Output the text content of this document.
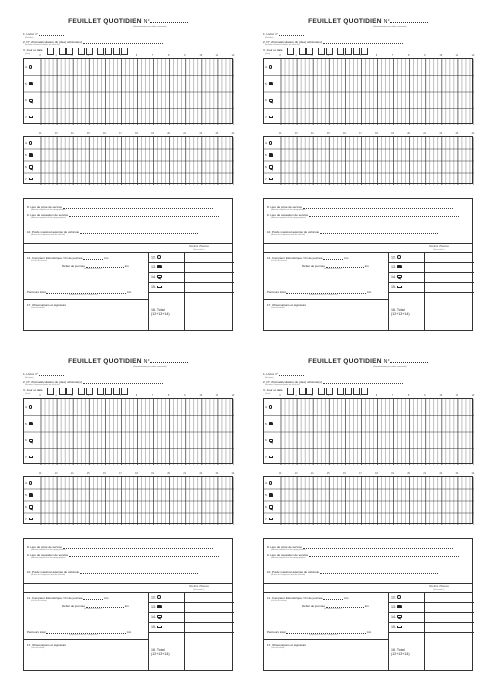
FEUILLET QUOTIDIEN N°
(Numérotation par ordre croissant)
1. Livret n°
(Numéro)
2. N° d'immatriculation du (des) véhicule(s)
(Numéro d'immatriculation du véhicule)
3. Jour et date
(Jour)	0	1	2	3	4	5	6	7	8	9	10	11	12
4.
5.
6.
7.
12	13	14	15	16	17	18	19	20	21	22	23	24
4.
5.
6.
7.
8. Lieu de prise de service
(Adresse complète du lieu géographique)
9. Lieu de cessation de service
(Adresse complète du lieu géographique)
10. Poids maximal autorisé du véhicule
(Masse de chargement total du véhicule)
Nombre d'heures
(Sous-total h)
11. Compteur kilométrique / fin de journée	km
(à la fin du service)
Début de journée	km
(au début du service)
Parcours total	km
(Différence entre les 2 compteurs)
17. Observations et signature
(Visa du salarié)
12.
13.
14.
15.
16. Total
(12+13+14)
FEUILLET QUOTIDIEN N°
(Numérotation par ordre croissant)
1. Livret n°
(Numéro)
2. N° d'immatriculation du (des) véhicule(s)
(Numéro d'immatriculation du véhicule)
3. Jour et date
(Jour)	0	1	2	3	4	5	6	7	8	9	10	11	12
4.
5.
6.
7.
12	13	14	15	16	17	18	19	20	21	22	23	24
4.
5.
6.
7.
8. Lieu de prise de service
(Adresse complète du lieu géographique)
9. Lieu de cessation de service
(Adresse complète du lieu géographique)
10. Poids maximal autorisé du véhicule
(Masse de chargement total du véhicule)
Nombre d'heures
(Sous-total h)
11. Compteur kilométrique / fin de journée	km
(à la fin du service)
Début de journée	km
(au début du service)
Parcours total	km
(Différence entre les 2 compteurs)
17. Observations et signature
(Visa du salarié)
12.
13.
14.
15.
16. Total
(12+13+14)
FEUILLET QUOTIDIEN N°
(Numérotation par ordre croissant)
1. Livret n°
(Numéro)
2. N° d'immatriculation du (des) véhicule(s)
(Numéro d'immatriculation du véhicule)
3. Jour et date
(Jour)	0	1	2	3	4	5	6	7	8	9	10	11	12
4.
5.
6.
7.
12	13	14	15	16	17	18	19	20	21	22	23	24
4.
5.
6.
7.
8. Lieu de prise de service
(Adresse complète du lieu géographique)
9. Lieu de cessation de service
(Adresse complète du lieu géographique)
10. Poids maximal autorisé du véhicule
(Masse de chargement total du véhicule)
Nombre d'heures
(Sous-total h)
11. Compteur kilométrique / fin de journée	km
(à la fin du service)
Début de journée	km
(au début du service)
Parcours total	km
(Différence entre les 2 compteurs)
17. Observations et signature
(Visa du salarié)
12.
13.
14.
15.
16. Total
(12+13+14)
FEUILLET QUOTIDIEN N°
(Numérotation par ordre croissant)
1. Livret n°
(Numéro)
2. N° d'immatriculation du (des) véhicule(s)
(Numéro d'immatriculation du véhicule)
3. Jour et date
(Jour)	0	1	2	3	4	5	6	7	8	9	10	11	12
4.
5.
6.
7.
12	13	14	15	16	17	18	19	20	21	22	23	24
4.
5.
6.
7.
8. Lieu de prise de service
(Adresse complète du lieu géographique)
9. Lieu de cessation de service
(Adresse complète du lieu géographique)
10. Poids maximal autorisé du véhicule
(Masse de chargement total du véhicule)
Nombre d'heures
(Sous-total h)
11. Compteur kilométrique / fin de journée	km
(à la fin du service)
Début de journée	km
(au début du service)
Parcours total	km
(Différence entre les 2 compteurs)
17. Observations et signature
(Visa du salarié)
12.
13.
14.
15.
16. Total
(12+13+14)
